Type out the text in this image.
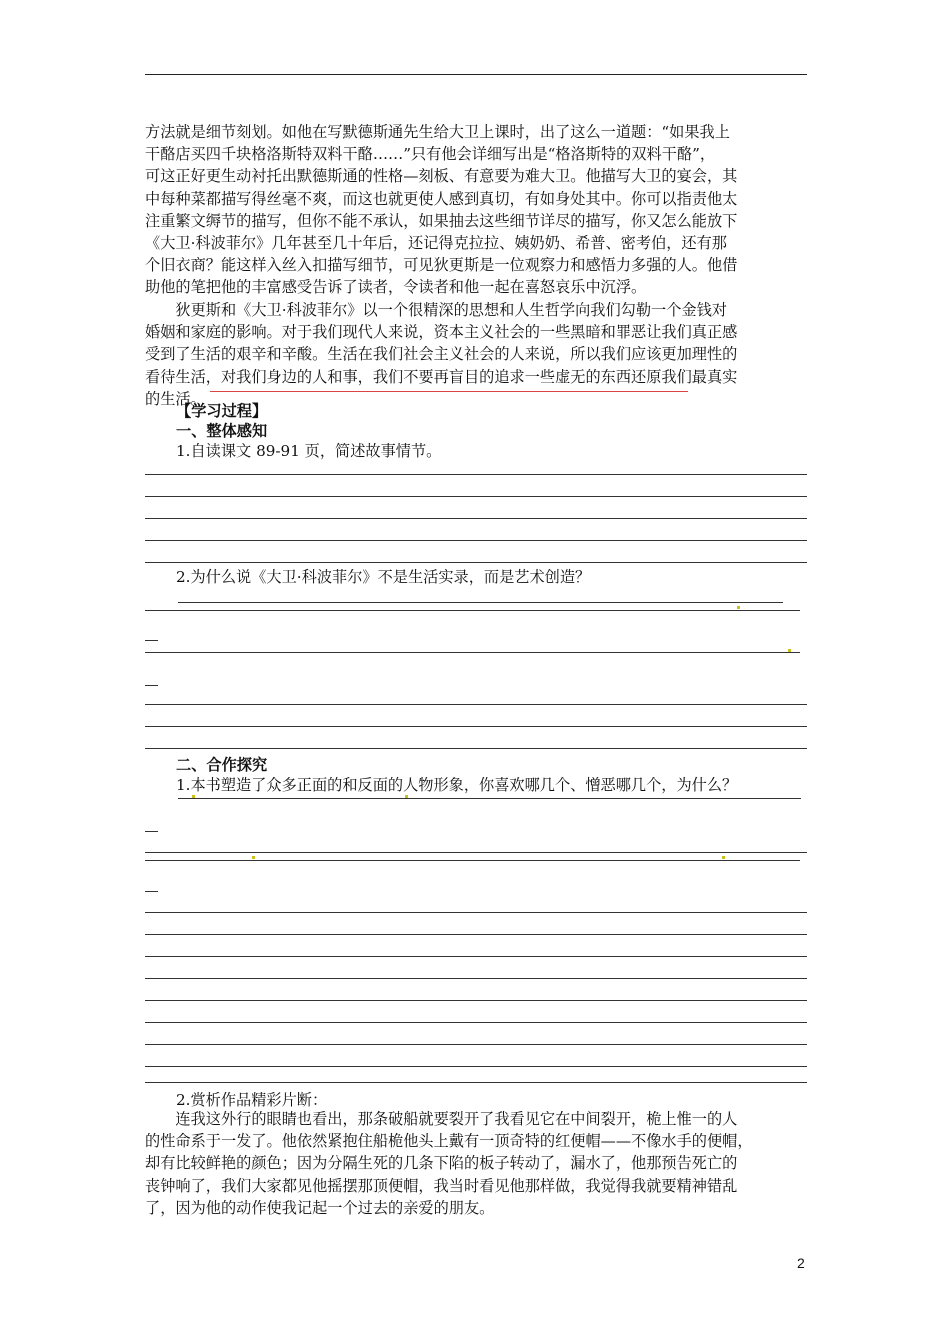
方法就是细节刻划。如他在写默德斯通先生给大卫上课时，出了这么一道题：“如果我上
干酪店买四千块格洛斯特双料干酪……”只有他会详细写出是“格洛斯特的双料干酪”，
可这正好更生动衬托出默德斯通的性格—刻板、有意要为难大卫。他描写大卫的宴会，其
中每种菜都描写得丝毫不爽，而这也就更使人感到真切，有如身处其中。你可以指责他太
注重繁文缛节的描写，但你不能不承认，如果抽去这些细节详尽的描写，你又怎么能放下
《大卫·科波菲尔》几年甚至几十年后，还记得克拉拉、姨奶奶、希普、密考伯，还有那
个旧衣商？能这样入丝入扣描写细节，可见狄更斯是一位观察力和感悟力多强的人。他借
助他的笔把他的丰富感受告诉了读者，令读者和他一起在喜怒哀乐中沉浮。
　　狄更斯和《大卫·科波菲尔》以一个很精深的思想和人生哲学向我们勾勒一个金钱对
婚姻和家庭的影响。对于我们现代人来说，资本主义社会的一些黑暗和罪恶让我们真正感
受到了生活的艰辛和辛酸。生活在我们社会主义社会的人来说，所以我们应该更加理性的
看待生活，对我们身边的人和事，我们不要再盲目的追求一些虚无的东西还原我们最真实
的生活。
【学习过程】
一、整体感知
1.自读课文 89-91 页，简述故事情节。
2.为什么说《大卫·科波菲尔》不是生活实录，而是艺术创造？
二、合作探究
1.本书塑造了众多正面的和反面的人物形象，你喜欢哪几个、憎恶哪几个，为什么？
2.赏析作品精彩片断：
　　连我这外行的眼睛也看出，那条破船就要裂开了我看见它在中间裂开，桅上惟一的人
的性命系于一发了。他依然紧抱住船桅他头上戴有一顶奇特的红便帽——不像水手的便帽，
却有比较鲜艳的颜色；因为分隔生死的几条下陷的板子转动了，漏水了，他那预告死亡的
丧钟响了，我们大家都见他摇摆那顶便帽，我当时看见他那样做，我觉得我就要精神错乱
了，因为他的动作使我记起一个过去的亲爱的朋友。
2
